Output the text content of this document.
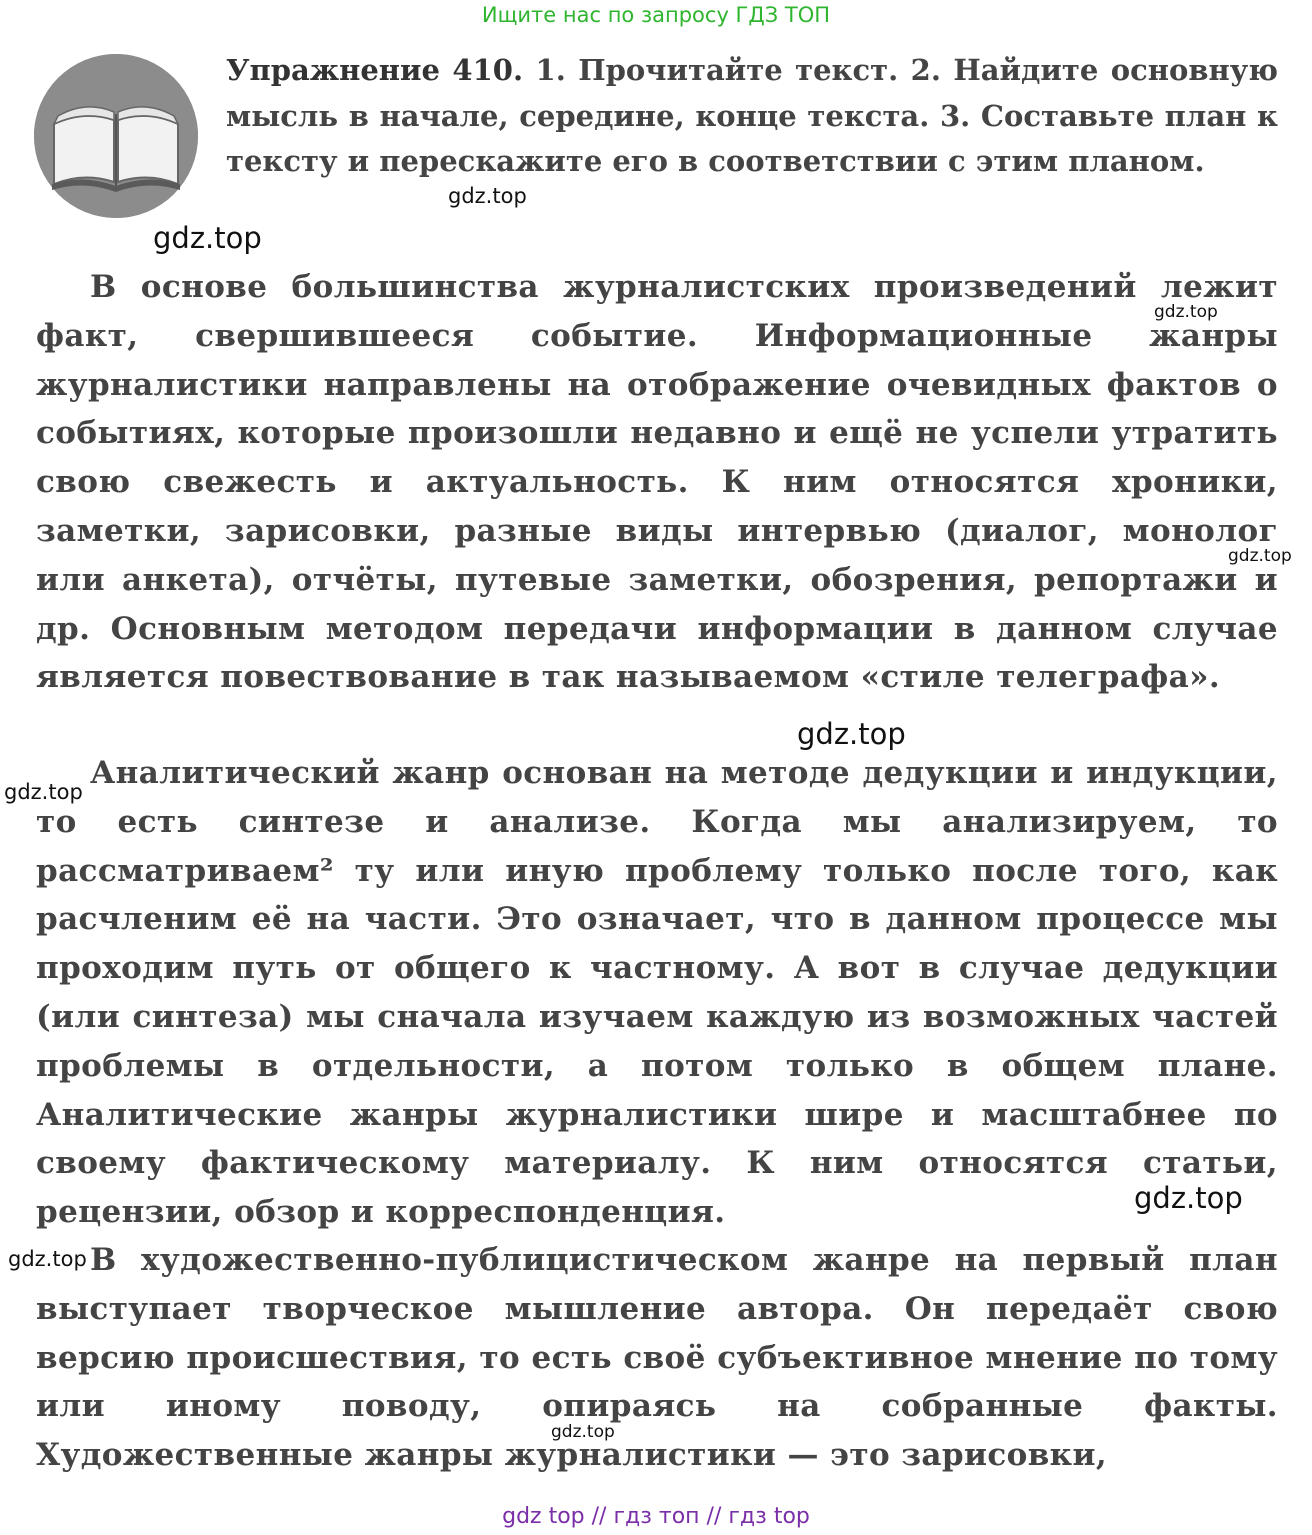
Ищите нас по запросу ГДЗ ТОП
Упражнение 410. 1. Прочитайте текст. 2. Найдите основную мысль в начале, середине, конце текста. 3. Составьте план к тексту и перескажите его в соответствии с этим планом.
В основе большинства журналистских произведений лежит факт, свершившееся событие. Информационные жанры журналистики направлены на отображение очевидных фактов о событиях, которые произошли недавно и ещё не успели утратить свою свежесть и актуальность. К ним относятся хроники, заметки, зарисовки, разные виды интервью (диалог, монолог или анкета), отчёты, путевые заметки, обозрения, репортажи и др. Основным методом передачи информации в данном случае является повествование в так называемом «стиле телеграфа».
Аналитический жанр основан на методе дедукции и индукции, то есть синтезе и анализе. Когда мы анализируем, то рассматриваем² ту или иную проблему только после того, как расчленим её на части. Это означает, что в данном процессе мы проходим путь от общего к частному. А вот в случае дедукции (или синтеза) мы сначала изучаем каждую из возможных частей проблемы в отдельности, а потом только в общем плане. Аналитические жанры журналистики шире и масштабнее по своему фактическому материалу. К ним относятся статьи, рецензии, обзор и корреспонденция.
В художественно-публицистическом жанре на первый план выступает творческое мышление автора. Он передаёт свою версию происшествия, то есть своё субъективное мнение по тому или иному поводу, опираясь на собранные факты. Художественные жанры журналистики — это зарисовки,
gdz.top
gdz.top
gdz.top
gdz.top
gdz.top
gdz.top
gdz.top
gdz.top
gdz.top
gdz top // гдз топ // гдз top
